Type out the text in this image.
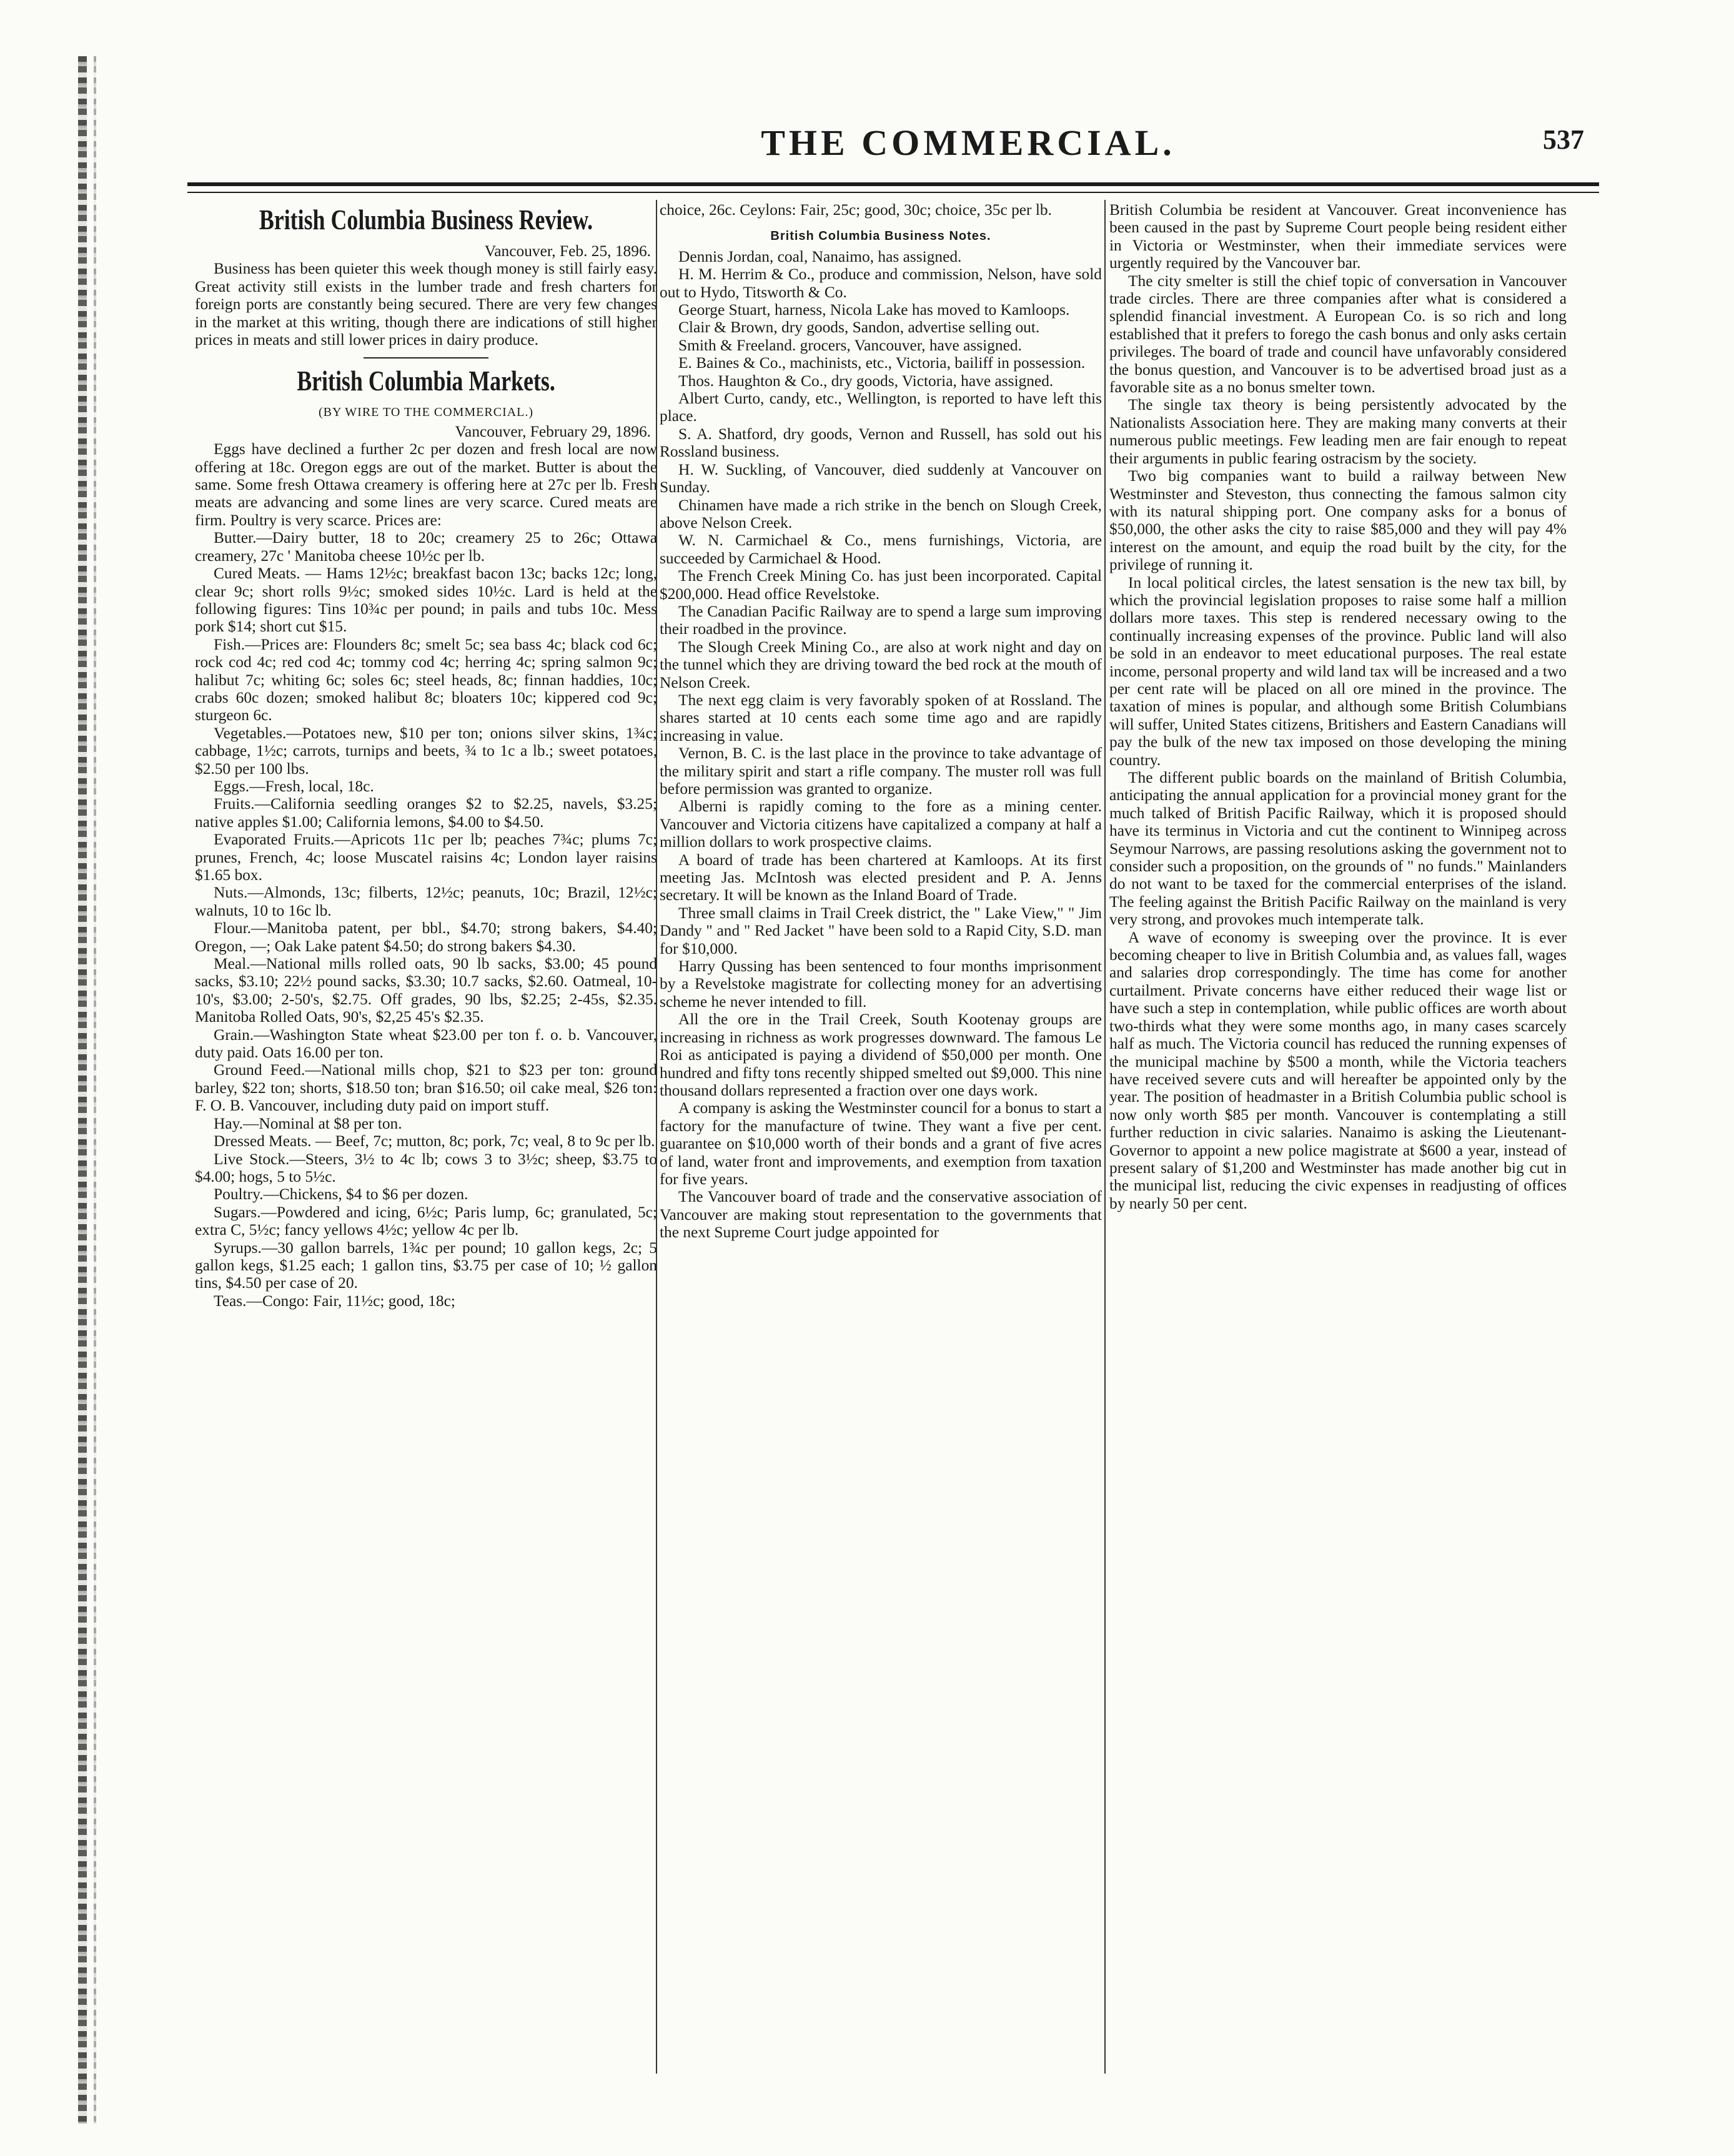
THE COMMERCIAL.	537
British Columbia Business Review.

Vancouver, Feb. 25, 1896.

Business has been quieter this week though money is still fairly easy. Great activity still exists in the lumber trade and fresh charters for foreign ports are constantly being secured. There are very few changes in the market at this writing, though there are indications of still higher prices in meats and still lower prices in dairy produce.

British Columbia Markets.

(BY WIRE TO THE COMMERCIAL.)

Vancouver, February 29, 1896.

Eggs have declined a further 2c per dozen and fresh local are now offering at 18c. Oregon eggs are out of the market. Butter is about the same. Some fresh Ottawa creamery is offering here at 27c per lb. Fresh meats are advancing and some lines are very scarce. Cured meats are firm. Poultry is very scarce. Prices are:

Butter.—Dairy butter, 18 to 20c; creamery 25 to 26c; Ottawa creamery, 27c ' Manitoba cheese 10½c per lb.

Cured Meats. — Hams 12½c; breakfast bacon 13c; backs 12c; long, clear 9c; short rolls 9½c; smoked sides 10½c. Lard is held at the following figures: Tins 10¾c per pound; in pails and tubs 10c. Mess pork $14; short cut $15.

Fish.—Prices are: Flounders 8c; smelt 5c; sea bass 4c; black cod 6c; rock cod 4c; red cod 4c; tommy cod 4c; herring 4c; spring salmon 9c; halibut 7c; whiting 6c; soles 6c; steel heads, 8c; finnan haddies, 10c; crabs 60c dozen; smoked halibut 8c; bloaters 10c; kippered cod 9c; sturgeon 6c.

Vegetables.—Potatoes new, $10 per ton; onions silver skins, 1¾c; cabbage, 1½c; carrots, turnips and beets, ¾ to 1c a lb.; sweet potatoes, $2.50 per 100 lbs.

Eggs.—Fresh, local, 18c.

Fruits.—California seedling oranges $2 to $2.25, navels, $3.25; native apples $1.00; California lemons, $4.00 to $4.50.

Evaporated Fruits.—Apricots 11c per lb; peaches 7¾c; plums 7c; prunes, French, 4c; loose Muscatel raisins 4c; London layer raisins $1.65 box.

Nuts.—Almonds, 13c; filberts, 12½c; peanuts, 10c; Brazil, 12½c; walnuts, 10 to 16c lb.

Flour.—Manitoba patent, per bbl., $4.70; strong bakers, $4.40; Oregon, —; Oak Lake patent $4.50; do strong bakers $4.30.

Meal.—National mills rolled oats, 90 lb sacks, $3.00; 45 pound sacks, $3.10; 22½ pound sacks, $3.30; 10.7 sacks, $2.60. Oatmeal, 10-10's, $3.00; 2-50's, $2.75. Off grades, 90 lbs, $2.25; 2-45s, $2.35. Manitoba Rolled Oats, 90's, $2,25 45's $2.35.

Grain.—Washington State wheat $23.00 per ton f. o. b. Vancouver, duty paid. Oats 16.00 per ton.

Ground Feed.—National mills chop, $21 to $23 per ton: ground barley, $22 ton; shorts, $18.50 ton; bran $16.50; oil cake meal, $26 ton: F. O. B. Vancouver, including duty paid on import stuff.

Hay.—Nominal at $8 per ton.

Dressed Meats. — Beef, 7c; mutton, 8c; pork, 7c; veal, 8 to 9c per lb.

Live Stock.—Steers, 3½ to 4c lb; cows 3 to 3½c; sheep, $3.75 to $4.00; hogs, 5 to 5½c.

Poultry.—Chickens, $4 to $6 per dozen.

Sugars.—Powdered and icing, 6½c; Paris lump, 6c; granulated, 5c; extra C, 5½c; fancy yellows 4½c; yellow 4c per lb.

Syrups.—30 gallon barrels, 1¾c per pound; 10 gallon kegs, 2c; 5 gallon kegs, $1.25 each; 1 gallon tins, $3.75 per case of 10; ½ gallon tins, $4.50 per case of 20.

Teas.—Congo: Fair, 11½c; good, 18c;

choice, 26c. Ceylons: Fair, 25c; good, 30c; choice, 35c per lb.

British Columbia Business Notes.

Dennis Jordan, coal, Nanaimo, has assigned.

H. M. Herrim & Co., produce and commission, Nelson, have sold out to Hydo, Titsworth & Co.

George Stuart, harness, Nicola Lake has moved to Kamloops.

Clair & Brown, dry goods, Sandon, advertise selling out.

Smith & Freeland. grocers, Vancouver, have assigned.

E. Baines & Co., machinists, etc., Victoria, bailiff in possession.

Thos. Haughton & Co., dry goods, Victoria, have assigned.

Albert Curto, candy, etc., Wellington, is reported to have left this place.

S. A. Shatford, dry goods, Vernon and Russell, has sold out his Rossland business.

H. W. Suckling, of Vancouver, died suddenly at Vancouver on Sunday.

Chinamen have made a rich strike in the bench on Slough Creek, above Nelson Creek.

W. N. Carmichael & Co., mens furnishings, Victoria, are succeeded by Carmichael & Hood.

The French Creek Mining Co. has just been incorporated. Capital $200,000. Head office Revelstoke.

The Canadian Pacific Railway are to spend a large sum improving their roadbed in the province.

The Slough Creek Mining Co., are also at work night and day on the tunnel which they are driving toward the bed rock at the mouth of Nelson Creek.

The next egg claim is very favorably spoken of at Rossland. The shares started at 10 cents each some time ago and are rapidly increasing in value.

Vernon, B. C. is the last place in the province to take advantage of the military spirit and start a rifle company. The muster roll was full before permission was granted to organize.

Alberni is rapidly coming to the fore as a mining center. Vancouver and Victoria citizens have capitalized a company at half a million dollars to work prospective claims.

A board of trade has been chartered at Kamloops. At its first meeting Jas. McIntosh was elected president and P. A. Jenns secretary. It will be known as the Inland Board of Trade.

Three small claims in Trail Creek district, the " Lake View," " Jim Dandy " and " Red Jacket " have been sold to a Rapid City, S.D. man for $10,000.

Harry Qussing has been sentenced to four months imprisonment by a Revelstoke magistrate for collecting money for an advertising scheme he never intended to fill.

All the ore in the Trail Creek, South Kootenay groups are increasing in richness as work progresses downward. The famous Le Roi as anticipated is paying a dividend of $50,000 per month. One hundred and fifty tons recently shipped smelted out $9,000. This nine thousand dollars represented a fraction over one days work.

A company is asking the Westminster council for a bonus to start a factory for the manufacture of twine. They want a five per cent. guarantee on $10,000 worth of their bonds and a grant of five acres of land, water front and improvements, and exemption from taxation for five years.

The Vancouver board of trade and the conservative association of Vancouver are making stout representation to the governments that the next Supreme Court judge appointed for

British Columbia be resident at Vancouver. Great inconvenience has been caused in the past by Supreme Court people being resident either in Victoria or Westminster, when their immediate services were urgently required by the Vancouver bar.

The city smelter is still the chief topic of conversation in Vancouver trade circles. There are three companies after what is considered a splendid financial investment. A European Co. is so rich and long established that it prefers to forego the cash bonus and only asks certain privileges. The board of trade and council have unfavorably considered the bonus question, and Vancouver is to be advertised broad just as a favorable site as a no bonus smelter town.

The single tax theory is being persistently advocated by the Nationalists Association here. They are making many converts at their numerous public meetings. Few leading men are fair enough to repeat their arguments in public fearing ostracism by the society.

Two big companies want to build a railway between New Westminster and Steveston, thus connecting the famous salmon city with its natural shipping port. One company asks for a bonus of $50,000, the other asks the city to raise $85,000 and they will pay 4% interest on the amount, and equip the road built by the city, for the privilege of running it.

In local political circles, the latest sensation is the new tax bill, by which the provincial legislation proposes to raise some half a million dollars more taxes. This step is rendered necessary owing to the continually increasing expenses of the province. Public land will also be sold in an endeavor to meet educational purposes. The real estate income, personal property and wild land tax will be increased and a two per cent rate will be placed on all ore mined in the province. The taxation of mines is popular, and although some British Columbians will suffer, United States citizens, Britishers and Eastern Canadians will pay the bulk of the new tax imposed on those developing the mining country.

The different public boards on the mainland of British Columbia, anticipating the annual application for a provincial money grant for the much talked of British Pacific Railway, which it is proposed should have its terminus in Victoria and cut the continent to Winnipeg across Seymour Narrows, are passing resolutions asking the government not to consider such a proposition, on the grounds of " no funds." Mainlanders do not want to be taxed for the commercial enterprises of the island. The feeling against the British Pacific Railway on the mainland is very very strong, and provokes much intemperate talk.

A wave of economy is sweeping over the province. It is ever becoming cheaper to live in British Columbia and, as values fall, wages and salaries drop correspondingly. The time has come for another curtailment. Private concerns have either reduced their wage list or have such a step in contemplation, while public offices are worth about two-thirds what they were some months ago, in many cases scarcely half as much. The Victoria council has reduced the running expenses of the municipal machine by $500 a month, while the Victoria teachers have received severe cuts and will hereafter be appointed only by the year. The position of headmaster in a British Columbia public school is now only worth $85 per month. Vancouver is contemplating a still further reduction in civic salaries. Nanaimo is asking the Lieutenant-Governor to appoint a new police magistrate at $600 a year, instead of present salary of $1,200 and Westminster has made another big cut in the municipal list, reducing the civic expenses in readjusting of offices by nearly 50 per cent.
